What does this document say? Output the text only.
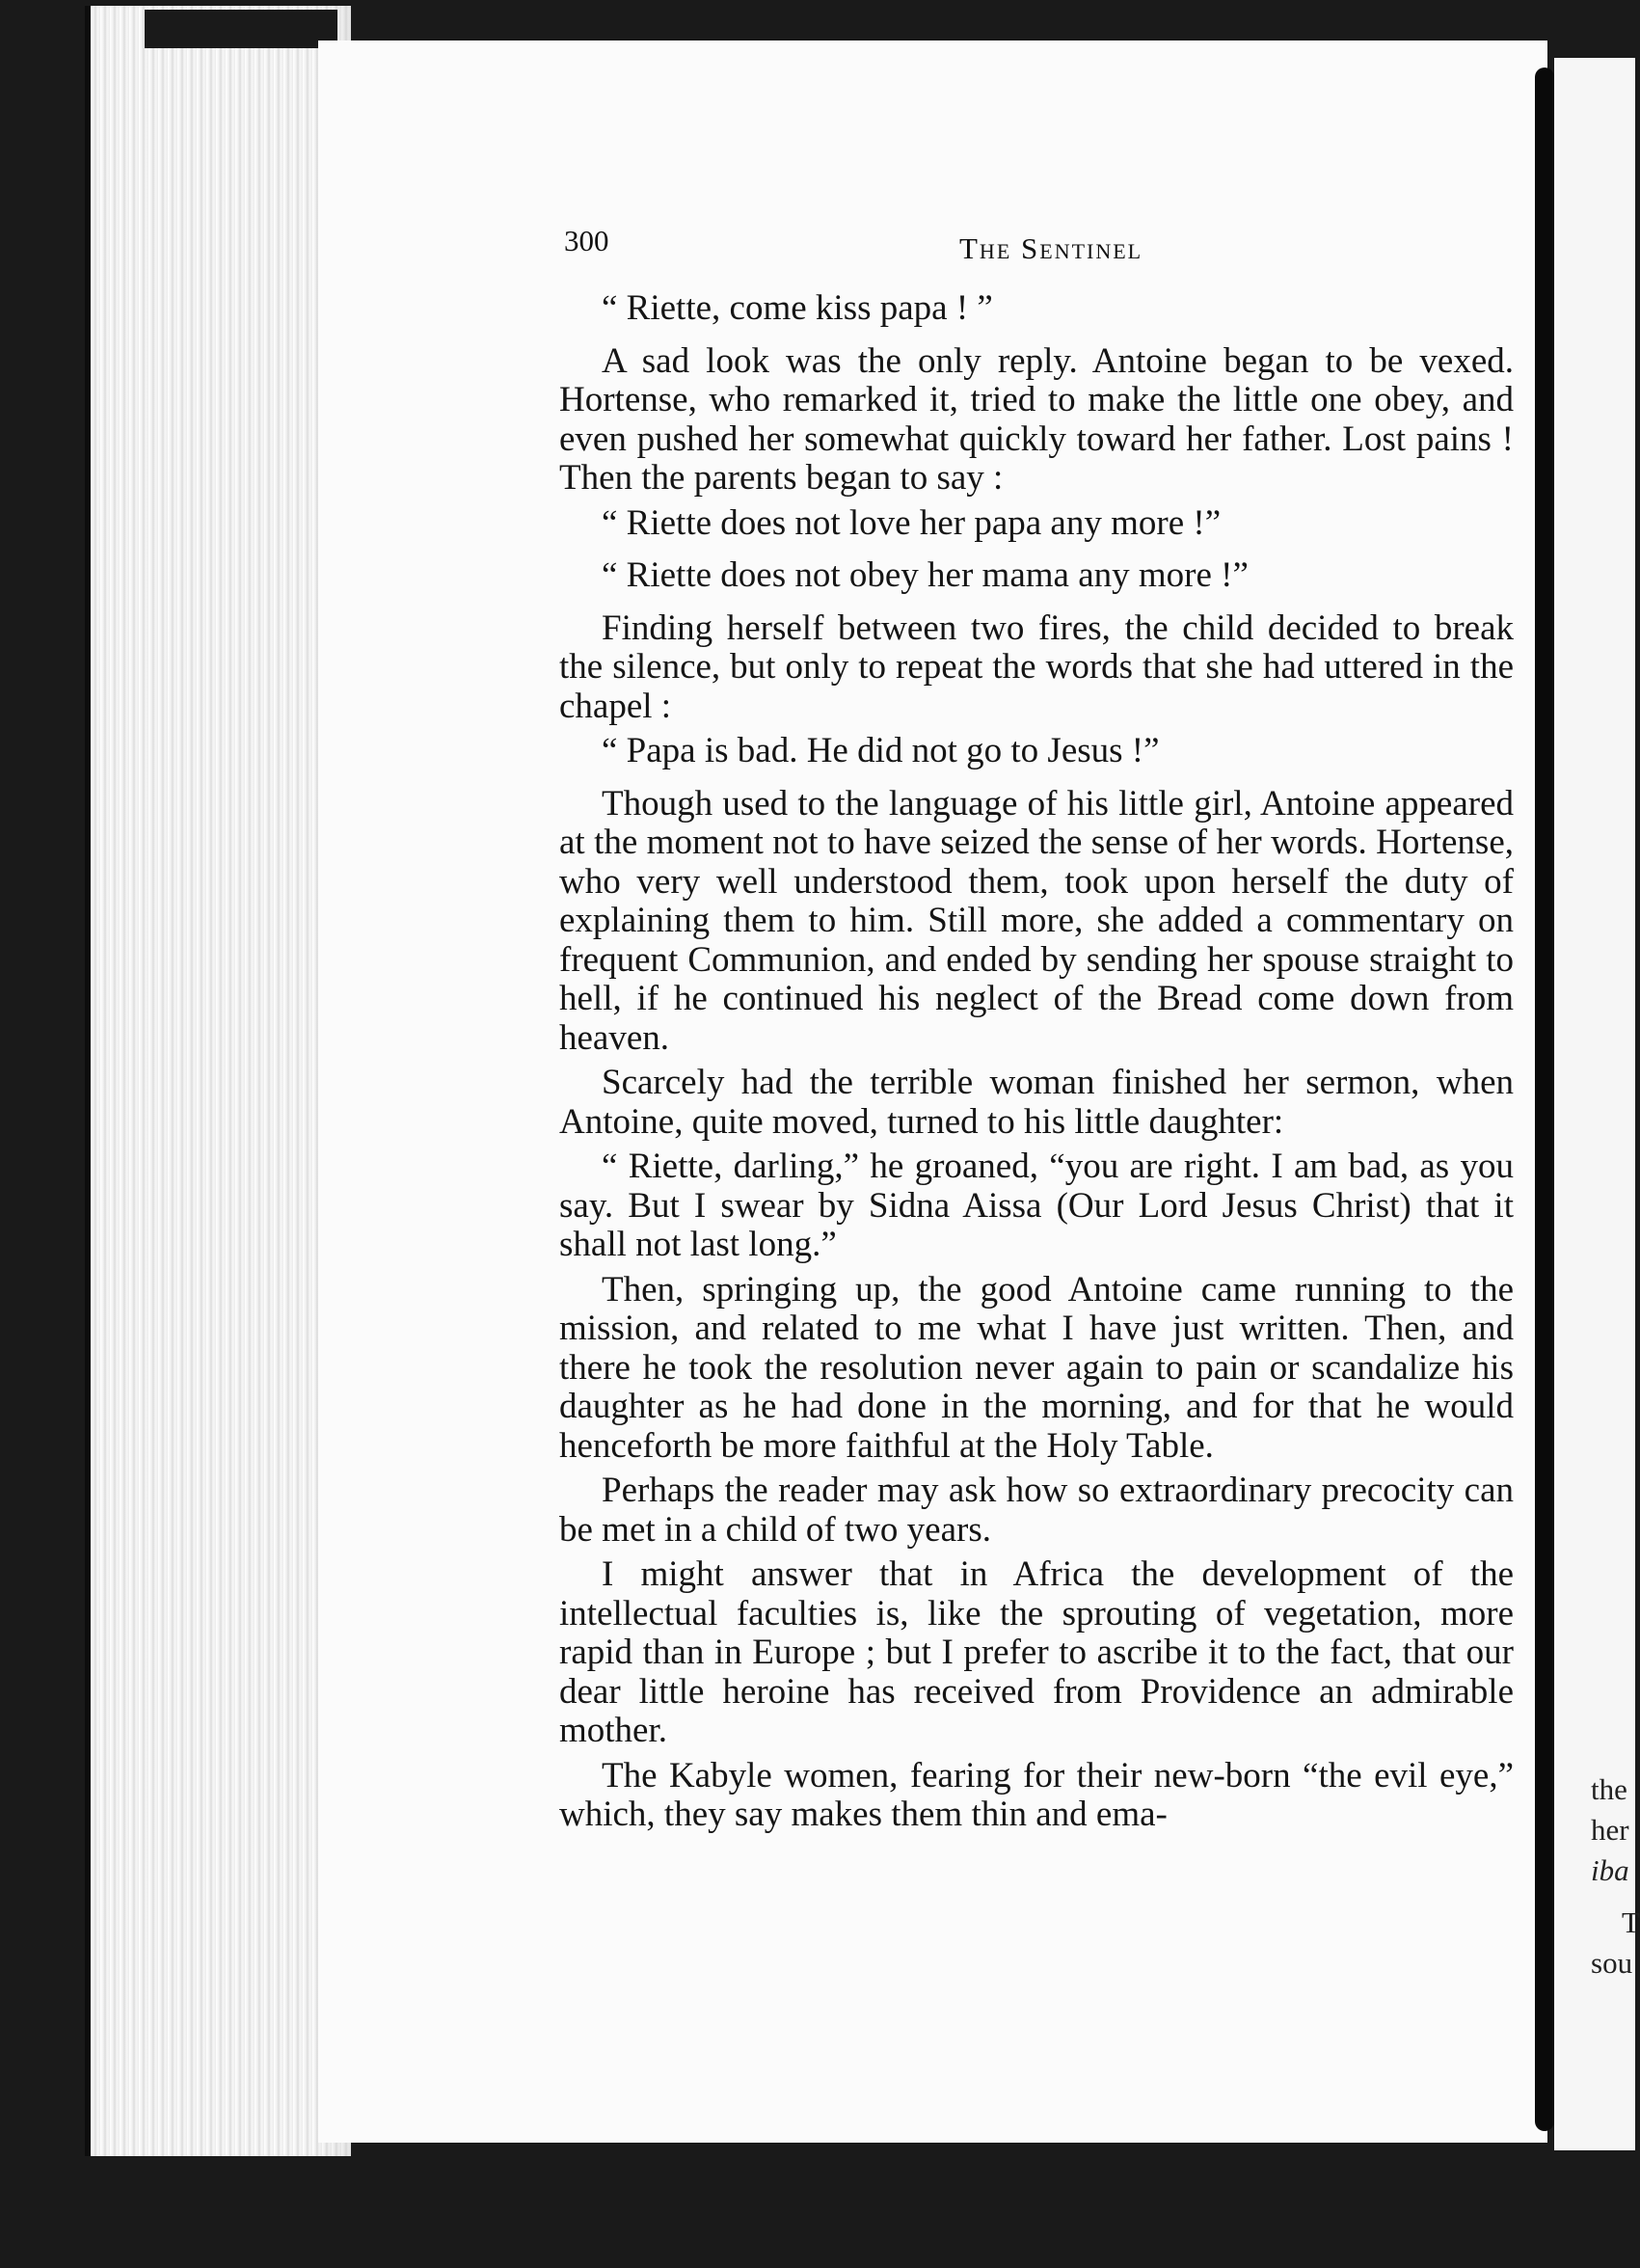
the
her
iba
T
sou
300	The Sentinel

“ Riette, come kiss papa ! ”

A sad look was the only reply. Antoine began to be vexed. Hortense, who remarked it, tried to make the little one obey, and even pushed her somewhat quickly toward her father. Lost pains ! Then the parents began to say :

“ Riette does not love her papa any more !”

“ Riette does not obey her mama any more !”

Finding herself between two fires, the child decided to break the silence, but only to repeat the words that she had uttered in the chapel :

“ Papa is bad. He did not go to Jesus !”

Though used to the language of his little girl, Antoine appeared at the moment not to have seized the sense of her words. Hortense, who very well understood them, took upon herself the duty of explaining them to him. Still more, she added a commentary on frequent Communion, and ended by sending her spouse straight to hell, if he continued his neglect of the Bread come down from heaven.

Scarcely had the terrible woman finished her sermon, when Antoine, quite moved, turned to his little daughter:

“ Riette, darling,” he groaned, “you are right. I am bad, as you say. But I swear by Sidna Aissa (Our Lord Jesus Christ) that it shall not last long.”

Then, springing up, the good Antoine came running to the mission, and related to me what I have just written. Then, and there he took the resolution never again to pain or scandalize his daughter as he had done in the morning, and for that he would henceforth be more faithful at the Holy Table.

Perhaps the reader may ask how so extraordinary precocity can be met in a child of two years.

I might answer that in Africa the development of the intellectual faculties is, like the sprouting of vegetation, more rapid than in Europe ; but I prefer to ascribe it to the fact, that our dear little heroine has received from Providence an admirable mother.

The Kabyle women, fearing for their new-born “the evil eye,” which, they say makes them thin and ema-
